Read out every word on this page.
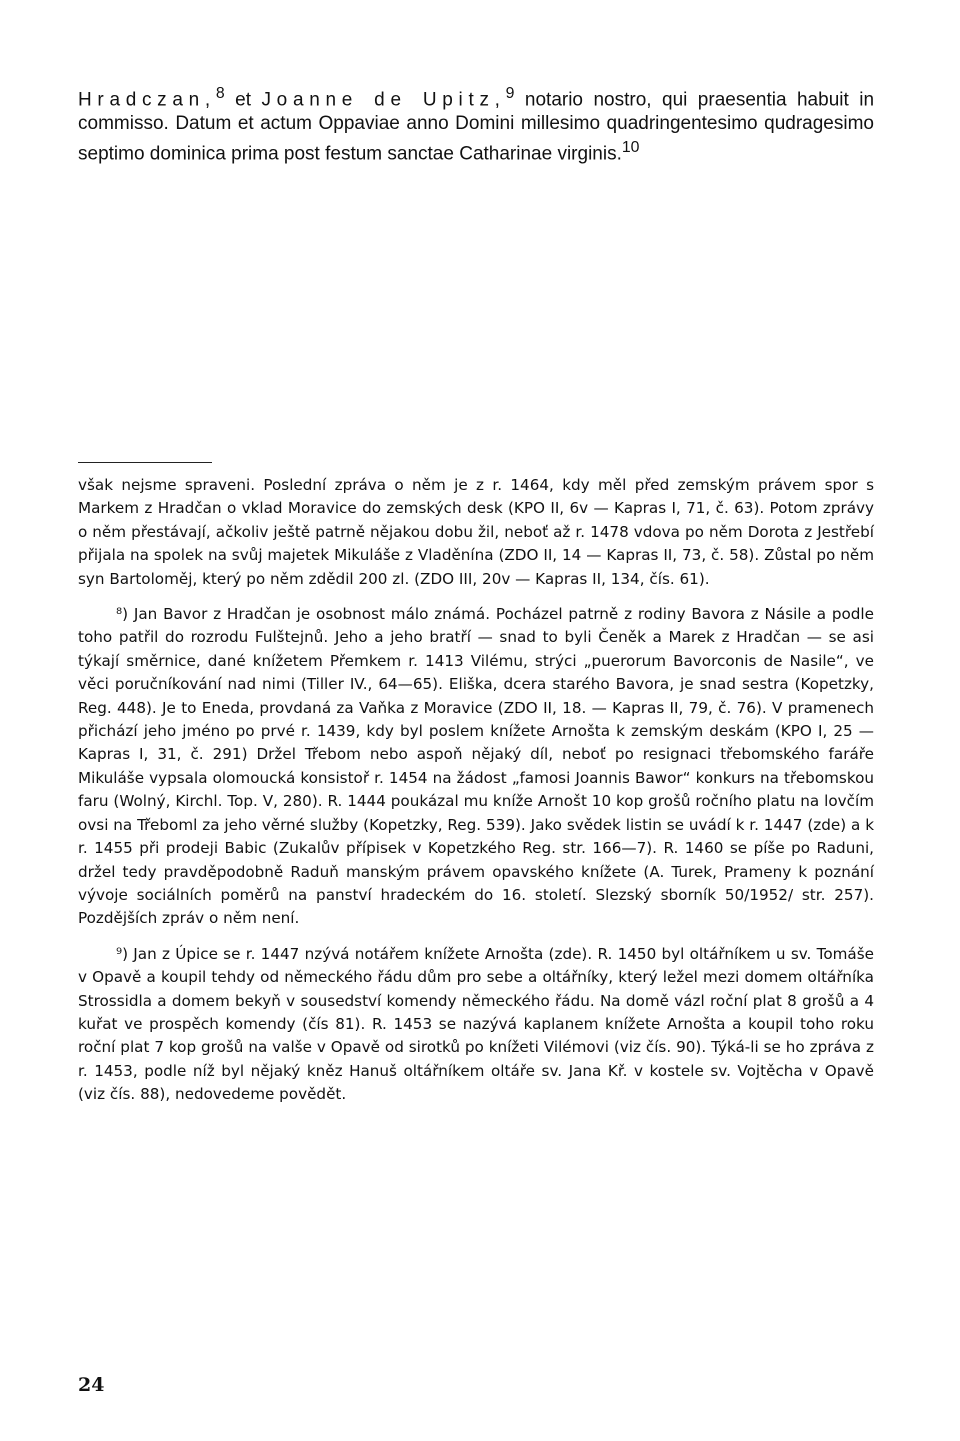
Hradczan,$^8$ et Joanne de Upitz,$^9$ notario nostro, qui praesentia habuit in commisso. Datum et actum Oppaviae anno Domini millesimo quadringentesimo qudragesimo septimo dominica prima post festum sanctae Catharinae virginis.$^{10}$

však nejsme spraveni. Poslední zpráva o něm je z r. 1464, kdy měl před zemským právem spor s Markem z Hradčan o vklad Moravice do zemských desk (KPO II, 6v — Kapras I, 71, č. 63). Potom zprávy o něm přestávají, ačkoliv ještě patrně nějakou dobu žil, neboť až r. 1478 vdova po něm Dorota z Jestřebí přijala na spolek na svůj majetek Mikuláše z Vladěnína (ZDO II, 14 — Kapras II, 73, č. 58). Zůstal po něm syn Bartoloměj, který po něm zdědil 200 zl. (ZDO III, 20v — Kapras II, 134, čís. 61).

⁸) Jan Bavor z Hradčan je osobnost málo známá. Pocházel patrně z rodiny Bavora z Násile a podle toho patřil do rozrodu Fulštejnů. Jeho a jeho bratří — snad to byli Čeněk a Marek z Hradčan — se asi týkají směrnice, dané knížetem Přemkem r. 1413 Vilému, strýci „puerorum Bavorconis de Nasile“, ve věci poručníkování nad nimi (Tiller IV., 64—65). Eliška, dcera starého Bavora, je snad sestra (Kopetzky, Reg. 448). Je to Eneda, provdaná za Vaňka z Moravice (ZDO II, 18. — Kapras II, 79, č. 76). V pramenech přichází jeho jméno po prvé r. 1439, kdy byl poslem knížete Arnošta k zemským deskám (KPO I, 25 — Kapras I, 31, č. 291) Držel Třebom nebo aspoň nějaký díl, neboť po resignaci třebomského faráře Mikuláše vypsala olomoucká konsistoř r. 1454 na žádost „famosi Joannis Bawor“ konkurs na třebomskou faru (Wolný, Kirchl. Top. V, 280). R. 1444 poukázal mu kníže Arnošt 10 kop grošů ročního platu na lovčím ovsi na Třeboml za jeho věrné služby (Kopetzky, Reg. 539). Jako svědek listin se uvádí k r. 1447 (zde) a k r. 1455 při prodeji Babic (Zukalův přípisek v Kopetzkého Reg. str. 166—7). R. 1460 se píše po Raduni, držel tedy pravděpodobně Raduň manským právem opavského knížete (A. Turek, Prameny k poznání vývoje sociálních poměrů na panství hradeckém do 16. století. Slezský sborník 50/1952/ str. 257). Pozdějších zpráv o něm není.

⁹) Jan z Úpice se r. 1447 nzývá notářem knížete Arnošta (zde). R. 1450 byl oltářníkem u sv. Tomáše v Opavě a koupil tehdy od německého řádu dům pro sebe a oltářníky, který ležel mezi domem oltářníka Strossidla a domem bekyň v sousedství komendy německého řádu. Na domě vázl roční plat 8 grošů a 4 kuřat ve prospěch komendy (čís 81). R. 1453 se nazývá kaplanem knížete Arnošta a koupil toho roku roční plat 7 kop grošů na valše v Opavě od sirotků po knížeti Vilémovi (viz čís. 90). Týká-li se ho zpráva z r. 1453, podle níž byl nějaký kněz Hanuš oltářníkem oltáře sv. Jana Kř. v kostele sv. Vojtěcha v Opavě (viz čís. 88), nedovedeme povědět.

24
